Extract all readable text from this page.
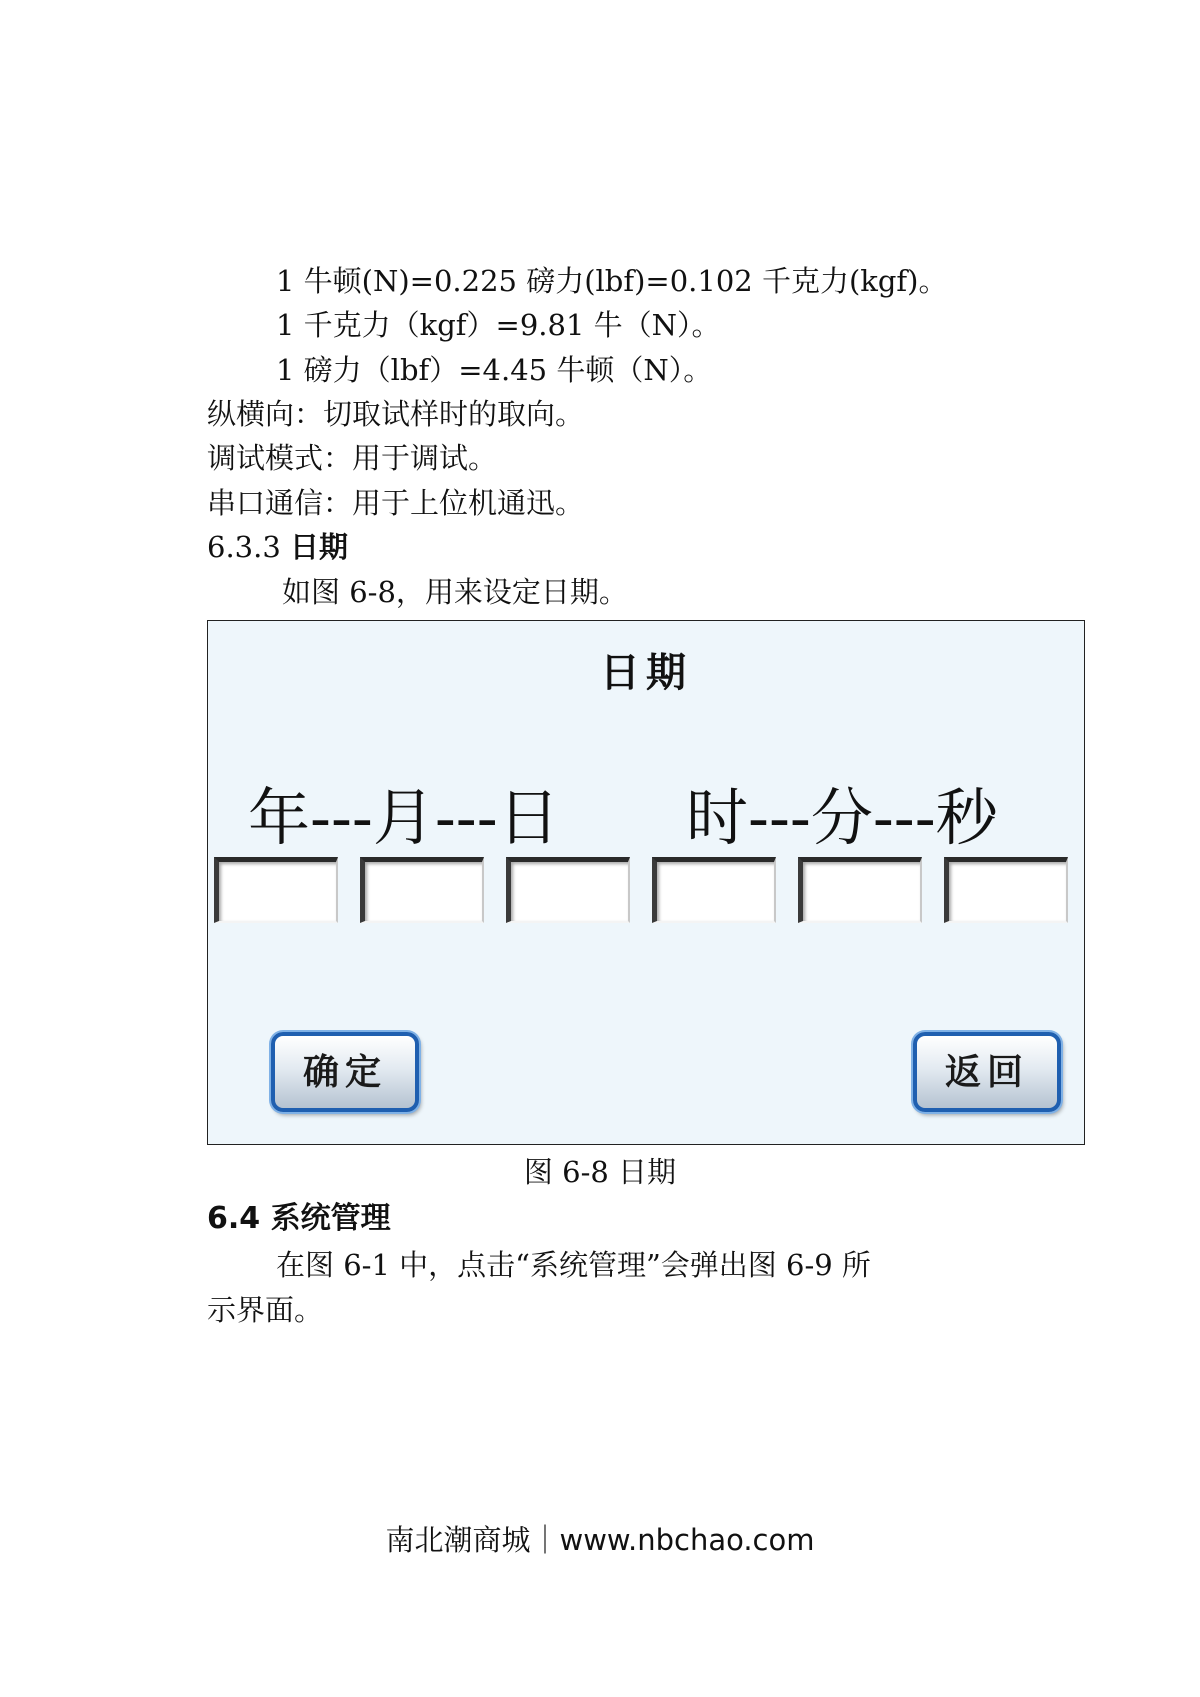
1 牛顿(N)=0.225 磅力(lbf)=0.102 千克力(kgf)。
1 千克力（kgf）=9.81 牛（N）。
1 磅力（lbf）=4.45 牛顿（N）。
纵横向：切取试样时的取向。
调试模式：用于调试。
串口通信：用于上位机通迅。
6.3.3 日期
如图 6-8，用来设定日期。
日期
年---月---日 时---分---秒
确定	返回
图 6-8 日期
6.4 系统管理
在图 6-1 中，点击“系统管理”会弹出图 6-9 所
示界面。
南北潮商城｜www.nbchao.com
